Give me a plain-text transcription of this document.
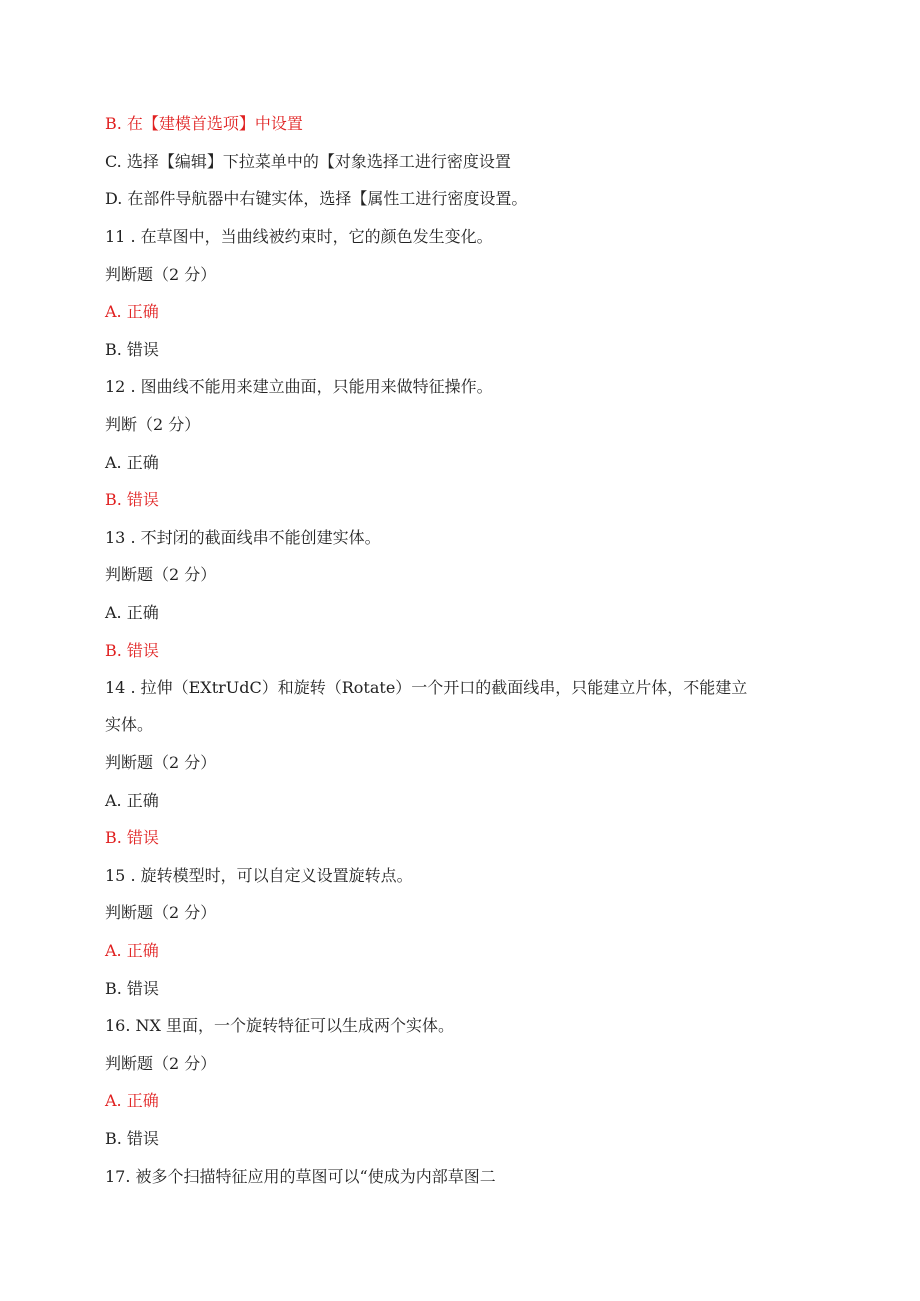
B. 在【建模首选项】中设置
C. 选择【编辑】下拉菜单中的【对象选择工进行密度设置
D. 在部件导航器中右键实体，选择【属性工进行密度设置。
11 . 在草图中，当曲线被约束时，它的颜色发生变化。
判断题（2 分）
A. 正确
B. 错误
12 . 图曲线不能用来建立曲面，只能用来做特征操作。
判断（2 分）
A. 正确
B. 错误
13 . 不封闭的截面线串不能创建实体。
判断题（2 分）
A. 正确
B. 错误
14 . 拉伸（EXtrUdC）和旋转（Rotate）一个开口的截面线串，只能建立片体，不能建立
实体。
判断题（2 分）
A. 正确
B. 错误
15 . 旋转模型时，可以自定义设置旋转点。
判断题（2 分）
A. 正确
B. 错误
16. NX 里面，一个旋转特征可以生成两个实体。
判断题（2 分）
A. 正确
B. 错误
17. 被多个扫描特征应用的草图可以“使成为内部草图二
